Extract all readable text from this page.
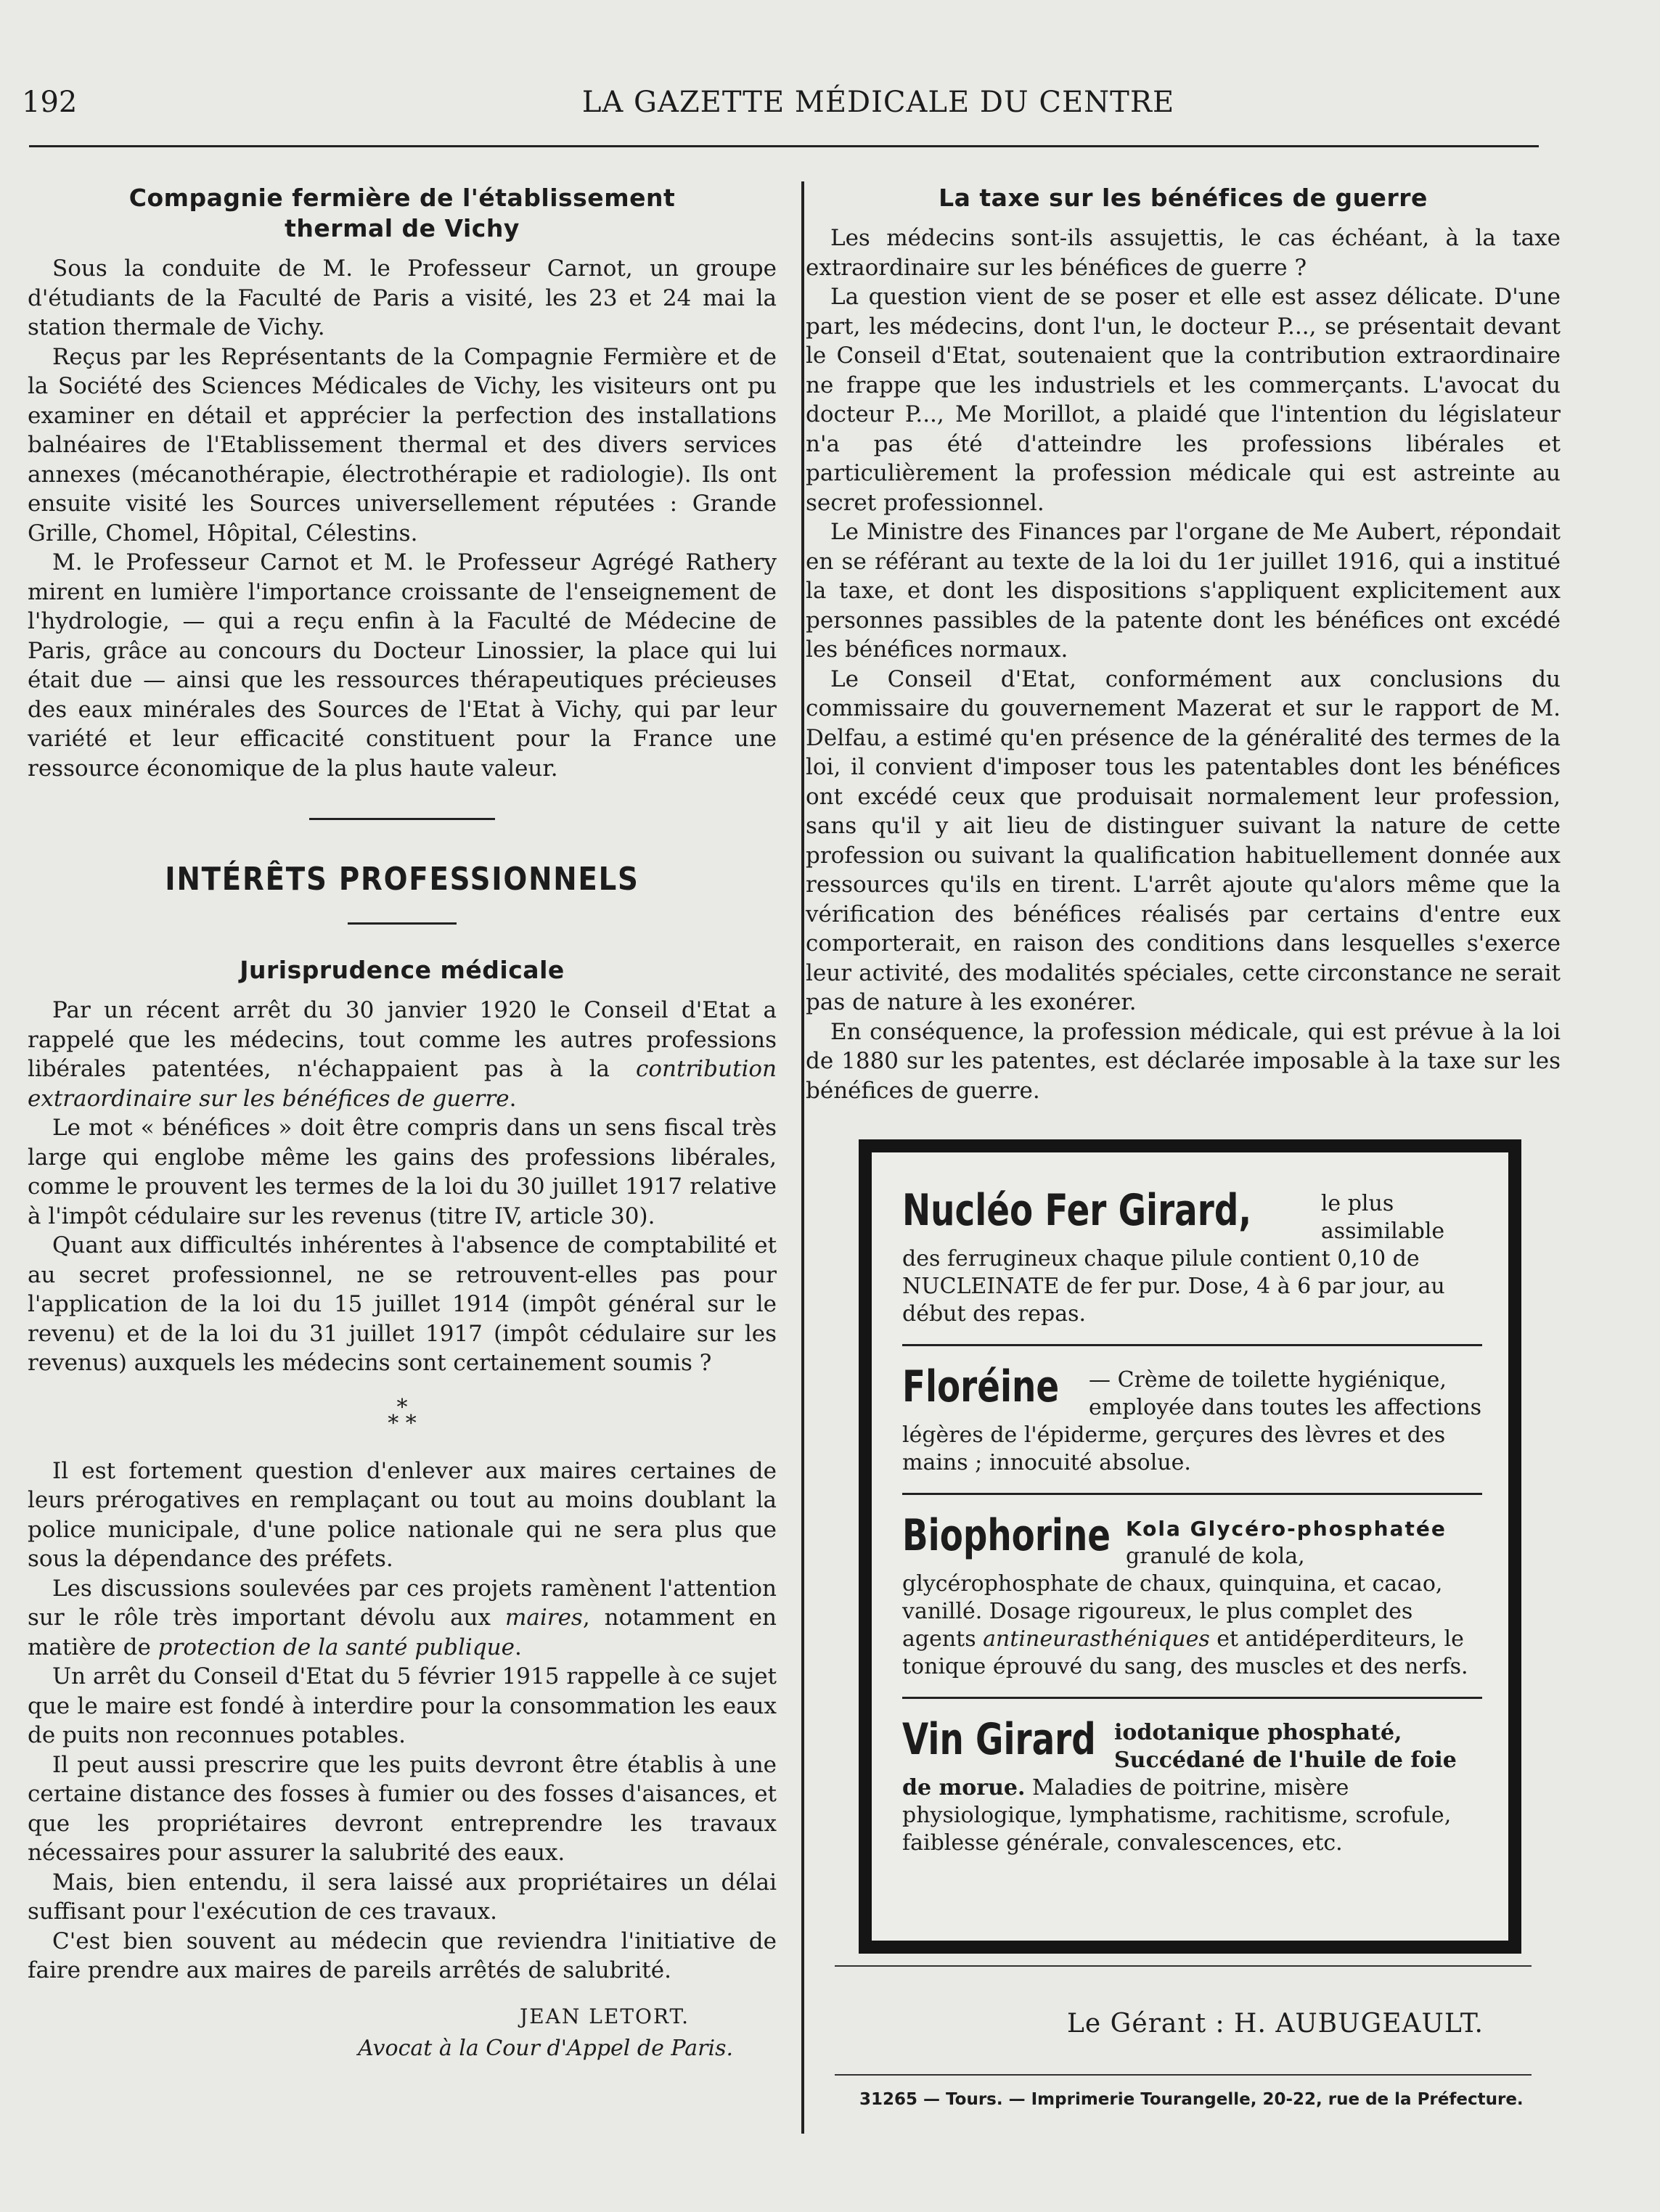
192	LA GAZETTE MÉDICALE DU CENTRE
Compagnie fermière de l'établissement thermal de Vichy

Sous la conduite de M. le Professeur Carnot, un groupe d'étudiants de la Faculté de Paris a visité, les 23 et 24 mai la station thermale de Vichy.

Reçus par les Représentants de la Compagnie Fermière et de la Société des Sciences Médicales de Vichy, les visiteurs ont pu examiner en détail et apprécier la perfection des installations balnéaires de l'Etablissement thermal et des divers services annexes (mécanothérapie, électrothérapie et radiologie). Ils ont ensuite visité les Sources universellement réputées : Grande Grille, Chomel, Hôpital, Célestins.

M. le Professeur Carnot et M. le Professeur Agrégé Rathery mirent en lumière l'importance croissante de l'enseignement de l'hydrologie, — qui a reçu enfin à la Faculté de Médecine de Paris, grâce au concours du Docteur Linossier, la place qui lui était due — ainsi que les ressources thérapeutiques précieuses des eaux minérales des Sources de l'Etat à Vichy, qui par leur variété et leur efficacité constituent pour la France une ressource économique de la plus haute valeur.

INTÉRÊTS PROFESSIONNELS
Jurisprudence médicale

Par un récent arrêt du 30 janvier 1920 le Conseil d'Etat a rappelé que les médecins, tout comme les autres professions libérales patentées, n'échappaient pas à la contribution extraordinaire sur les bénéfices de guerre.

Le mot « bénéfices » doit être compris dans un sens fiscal très large qui englobe même les gains des professions libérales, comme le prouvent les termes de la loi du 30 juillet 1917 relative à l'impôt cédulaire sur les revenus (titre IV, article 30).

Quant aux difficultés inhérentes à l'absence de comptabilité et au secret professionnel, ne se retrouvent-elles pas pour l'application de la loi du 15 juillet 1914 (impôt général sur le revenu) et de la loi du 31 juillet 1917 (impôt cédulaire sur les revenus) auxquels les médecins sont certainement soumis ?

*
* *

Il est fortement question d'enlever aux maires certaines de leurs prérogatives en remplaçant ou tout au moins doublant la police municipale, d'une police nationale qui ne sera plus que sous la dépendance des préfets.

Les discussions soulevées par ces projets ramènent l'attention sur le rôle très important dévolu aux maires, notamment en matière de protection de la santé publique.

Un arrêt du Conseil d'Etat du 5 février 1915 rappelle à ce sujet que le maire est fondé à interdire pour la consommation les eaux de puits non reconnues potables.

Il peut aussi prescrire que les puits devront être établis à une certaine distance des fosses à fumier ou des fosses d'aisances, et que les propriétaires devront entreprendre les travaux nécessaires pour assurer la salubrité des eaux.

Mais, bien entendu, il sera laissé aux propriétaires un délai suffisant pour l'exécution de ces travaux.

C'est bien souvent au médecin que reviendra l'initiative de faire prendre aux maires de pareils arrêtés de salubrité.

JEAN LETORT.
Avocat à la Cour d'Appel de Paris.
La taxe sur les bénéfices de guerre

Les médecins sont-ils assujettis, le cas échéant, à la taxe extraordinaire sur les bénéfices de guerre ?

La question vient de se poser et elle est assez délicate. D'une part, les médecins, dont l'un, le docteur P..., se présentait devant le Conseil d'Etat, soutenaient que la contribution extraordinaire ne frappe que les industriels et les commerçants. L'avocat du docteur P..., Me Morillot, a plaidé que l'intention du législateur n'a pas été d'atteindre les professions libérales et particulièrement la profession médicale qui est astreinte au secret professionnel.

Le Ministre des Finances par l'organe de Me Aubert, répondait en se référant au texte de la loi du 1er juillet 1916, qui a institué la taxe, et dont les dispositions s'appliquent explicitement aux personnes passibles de la patente dont les bénéfices ont excédé les bénéfices normaux.

Le Conseil d'Etat, conformément aux conclusions du commissaire du gouvernement Mazerat et sur le rapport de M. Delfau, a estimé qu'en présence de la généralité des termes de la loi, il convient d'imposer tous les patentables dont les bénéfices ont excédé ceux que produisait normalement leur profession, sans qu'il y ait lieu de distinguer suivant la nature de cette profession ou suivant la qualification habituellement donnée aux ressources qu'ils en tirent. L'arrêt ajoute qu'alors même que la vérification des bénéfices réalisés par certains d'entre eux comporterait, en raison des conditions dans lesquelles s'exerce leur activité, des modalités spéciales, cette circonstance ne serait pas de nature à les exonérer.

En conséquence, la profession médicale, qui est prévue à la loi de 1880 sur les patentes, est déclarée imposable à la taxe sur les bénéfices de guerre.

Nucléo Fer Girard,	le plus assimilable des ferrugineux chaque pilule contient 0,10 de NUCLEINATE de fer pur. Dose, 4 à 6 par jour, au début des repas.
Floréine — Crème de toilette hygiénique, employée dans toutes les affections légères de l'épiderme, gerçures des lèvres et des mains ; innocuité absolue.
Biophorine Kola Glycéro-phosphatée granulé de kola, glycérophosphate de chaux, quinquina, et cacao, vanillé. Dosage rigoureux, le plus complet des agents antineurasthéniques et antidéperditeurs, le tonique éprouvé du sang, des muscles et des nerfs.
Vin Girard iodotanique phosphaté, Succédané de l'huile de foie de morue. Maladies de poitrine, misère physiologique, lymphatisme, rachitisme, scrofule, faiblesse générale, convalescences, etc.
Le Gérant : H. AUBUGEAULT.
31265 — Tours. — Imprimerie Tourangelle, 20-22, rue de la Préfecture.
